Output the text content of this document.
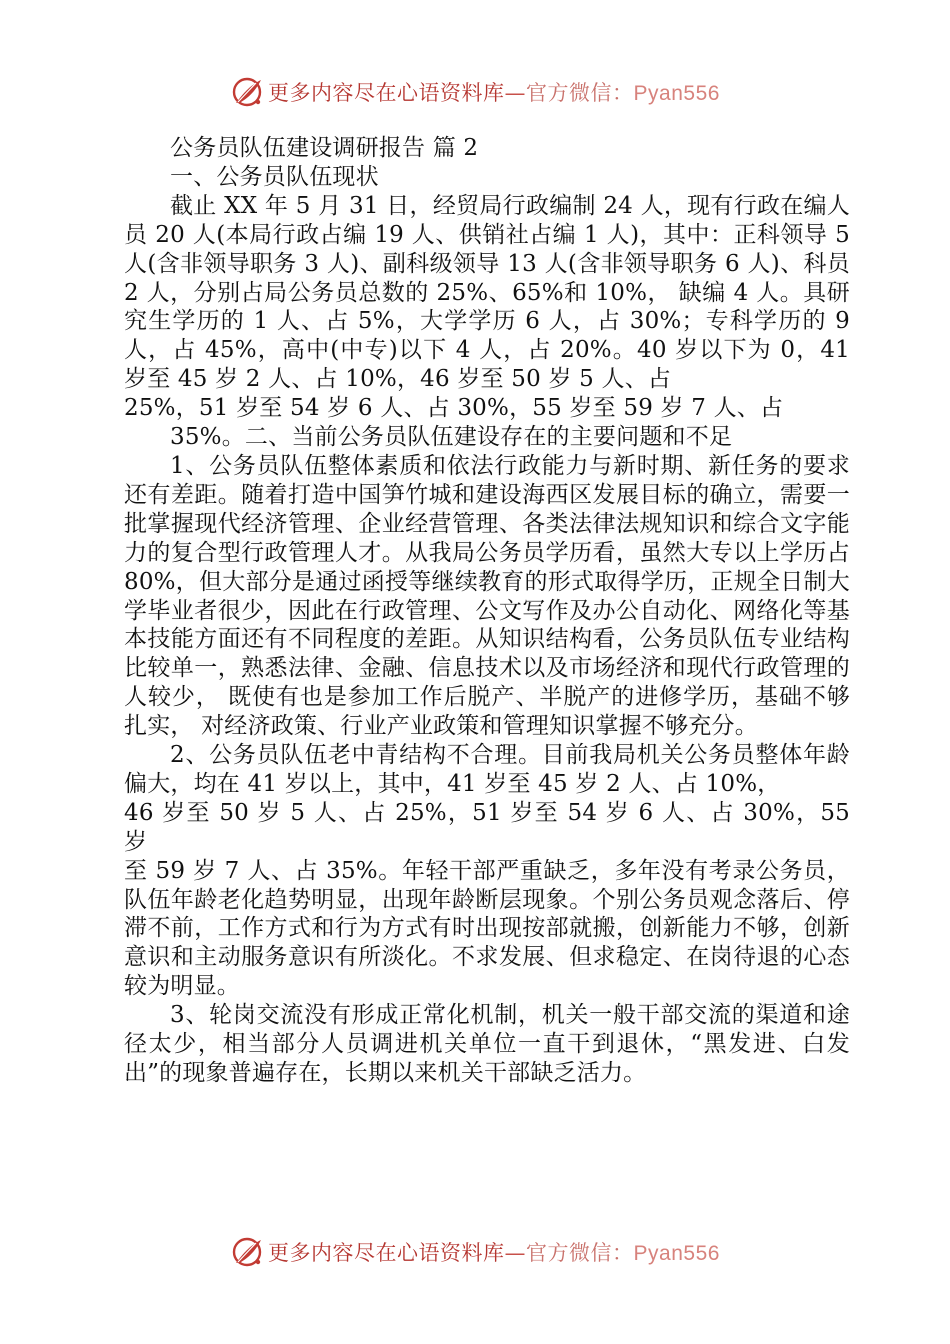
更多内容尽在心语资料库—官方微信：Pyan556

公务员队伍建设调研报告 篇 2

一、公务员队伍现状

截止 XX 年 5 月 31 日，经贸局行政编制 24 人，现有行政在编人员 20 人(本局行政占编 19 人、供销社占编 1 人)，其中：正科领导 5 人(含非领导职务 3 人)、副科级领导 13 人(含非领导职务 6 人)、科员 2 人，分别占局公务员总数的 25%、65%和 10%， 缺编 4 人。具研究生学历的 1 人、占 5%，大学学历 6 人，占 30%；专科学历的 9 人，占 45%，高中(中专)以下 4 人，占 20%。40 岁以下为 0，41 岁至 45 岁 2 人、占 10%，46 岁至 50 岁 5 人、占

25%，51 岁至 54 岁 6 人、占 30%，55 岁至 59 岁 7 人、占

35%。二、当前公务员队伍建设存在的主要问题和不足

1、公务员队伍整体素质和依法行政能力与新时期、新任务的要求还有差距。随着打造中国笋竹城和建设海西区发展目标的确立，需要一批掌握现代经济管理、企业经营管理、各类法律法规知识和综合文字能力的复合型行政管理人才。从我局公务员学历看，虽然大专以上学历占 80%，但大部分是通过函授等继续教育的形式取得学历，正规全日制大学毕业者很少，因此在行政管理、公文写作及办公自动化、网络化等基本技能方面还有不同程度的差距。从知识结构看，公务员队伍专业结构比较单一，熟悉法律、金融、信息技术以及市场经济和现代行政管理的人较少， 既使有也是参加工作后脱产、半脱产的进修学历，基础不够扎实， 对经济政策、行业产业政策和管理知识掌握不够充分。

2、公务员队伍老中青结构不合理。目前我局机关公务员整体年龄偏大，均在 41 岁以上，其中，41 岁至 45 岁 2 人、占 10%，

46 岁至 50 岁 5 人、占 25%，51 岁至 54 岁 6 人、占 30%，55 岁

至 59 岁 7 人、占 35%。年轻干部严重缺乏，多年没有考录公务员，队伍年龄老化趋势明显，出现年龄断层现象。个别公务员观念落后、停滞不前，工作方式和行为方式有时出现按部就搬，创新能力不够，创新意识和主动服务意识有所淡化。不求发展、但求稳定、在岗待退的心态较为明显。

3、轮岗交流没有形成正常化机制，机关一般干部交流的渠道和途径太少，相当部分人员调进机关单位一直干到退休，“黑发进、白发出”的现象普遍存在，长期以来机关干部缺乏活力。

更多内容尽在心语资料库—官方微信：Pyan556
